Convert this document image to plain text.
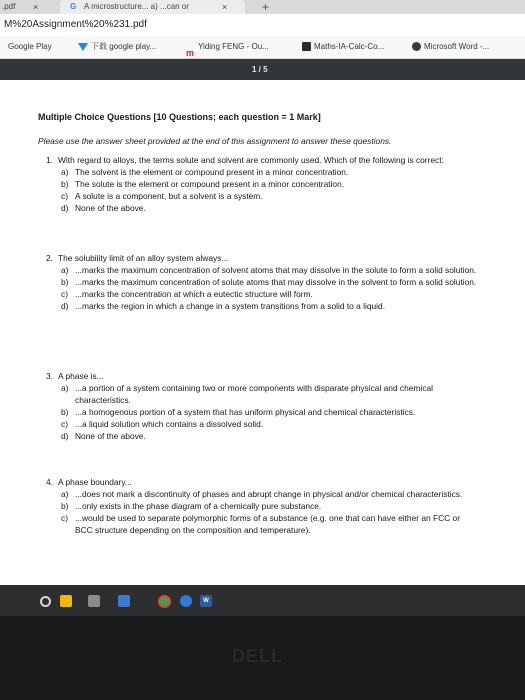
.pdf ×	G A microstructure... a) ...can or	×	+
M%20Assignment%20%231.pdf
Google Play	下载 google play...
mYiding FENG - Ou...	Maths-IA-Calc-Co...	Microsoft Word -...
1 / 5
Multiple Choice Questions [10 Questions; each question = 1 Mark]
Please use the answer sheet provided at the end of this assignment to answer these questions.
1. With regard to alloys, the terms solute and solvent are commonly used. Which of the following is correct:
a) The solvent is the element or compound present in a minor concentration.
b) The solute is the element or compound present in a minor concentration.
c) A solute is a component, but a solvent is a system.
d) None of the above.
2. The solubility limit of an alloy system always...
a) ...marks the maximum concentration of solvent atoms that may dissolve in the solute to form a solid solution.
b) ...marks the maximum concentration of solute atoms that may dissolve in the solvent to form a solid solution.
c) ...marks the concentration at which a eutectic structure will form.
d) ...marks the region in which a change in a system transitions from a solid to a liquid.
3. A phase is...
a) ...a portion of a system containing two or more components with disparate physical and chemical characteristics.
b) ...a homogenous portion of a system that has uniform physical and chemical characteristics.
c) ...a liquid solution which contains a dissolved solid.
d) None of the above.
4. A phase boundary...
a) ...does not mark a discontinuity of phases and abrupt change in physical and/or chemical characteristics.
b) ...only exists in the phase diagram of a chemically pure substance.
c) ...would be used to separate polymorphic forms of a substance (e.g. one that can have either an FCC or BCC structure depending on the composition and temperature).
W
DELL
